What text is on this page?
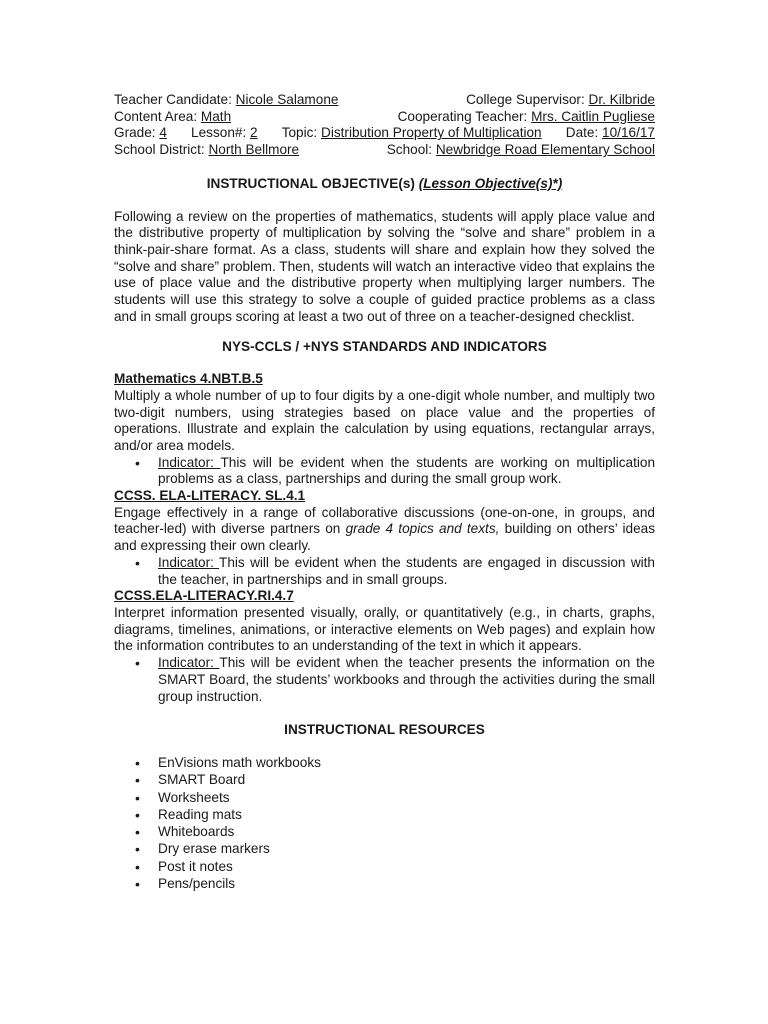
Teacher Candidate: Nicole Salamone	College Supervisor: Dr. Kilbride
Content Area: Math	Cooperating Teacher: Mrs. Caitlin Pugliese
Grade: 4 Lesson#: 2 Topic: Distribution Property of Multiplication Date: 10/16/17
School District: North Bellmore	School: Newbridge Road Elementary School
INSTRUCTIONAL OBJECTIVE(s) (Lesson Objective(s)*)

Following a review on the properties of mathematics, students will apply place value and the distributive property of multiplication by solving the “solve and share” problem in a think-pair-share format. As a class, students will share and explain how they solved the “solve and share” problem. Then, students will watch an interactive video that explains the use of place value and the distributive property when multiplying larger numbers. The students will use this strategy to solve a couple of guided practice problems as a class and in small groups scoring at least a two out of three on a teacher-designed checklist.

NYS-CCLS / +NYS STANDARDS AND INDICATORS
Mathematics 4.NBT.B.5
Multiply a whole number of up to four digits by a one-digit whole number, and multiply two two-digit numbers, using strategies based on place value and the properties of operations. Illustrate and explain the calculation by using equations, rectangular arrays, and/or area models.
• Indicator: This will be evident when the students are working on multiplication problems as a class, partnerships and during the small group work.
CCSS. ELA-LITERACY. SL.4.1
Engage effectively in a range of collaborative discussions (one-on-one, in groups, and teacher-led) with diverse partners on grade 4 topics and texts, building on others’ ideas and expressing their own clearly.
• Indicator: This will be evident when the students are engaged in discussion with the teacher, in partnerships and in small groups.
CCSS.ELA-LITERACY.RI.4.7
Interpret information presented visually, orally, or quantitatively (e.g., in charts, graphs, diagrams, timelines, animations, or interactive elements on Web pages) and explain how the information contributes to an understanding of the text in which it appears.
• Indicator: This will be evident when the teacher presents the information on the SMART Board, the students’ workbooks and through the activities during the small group instruction.
INSTRUCTIONAL RESOURCES
• EnVisions math workbooks
• SMART Board
• Worksheets
• Reading mats
• Whiteboards
• Dry erase markers
• Post it notes
• Pens/pencils
